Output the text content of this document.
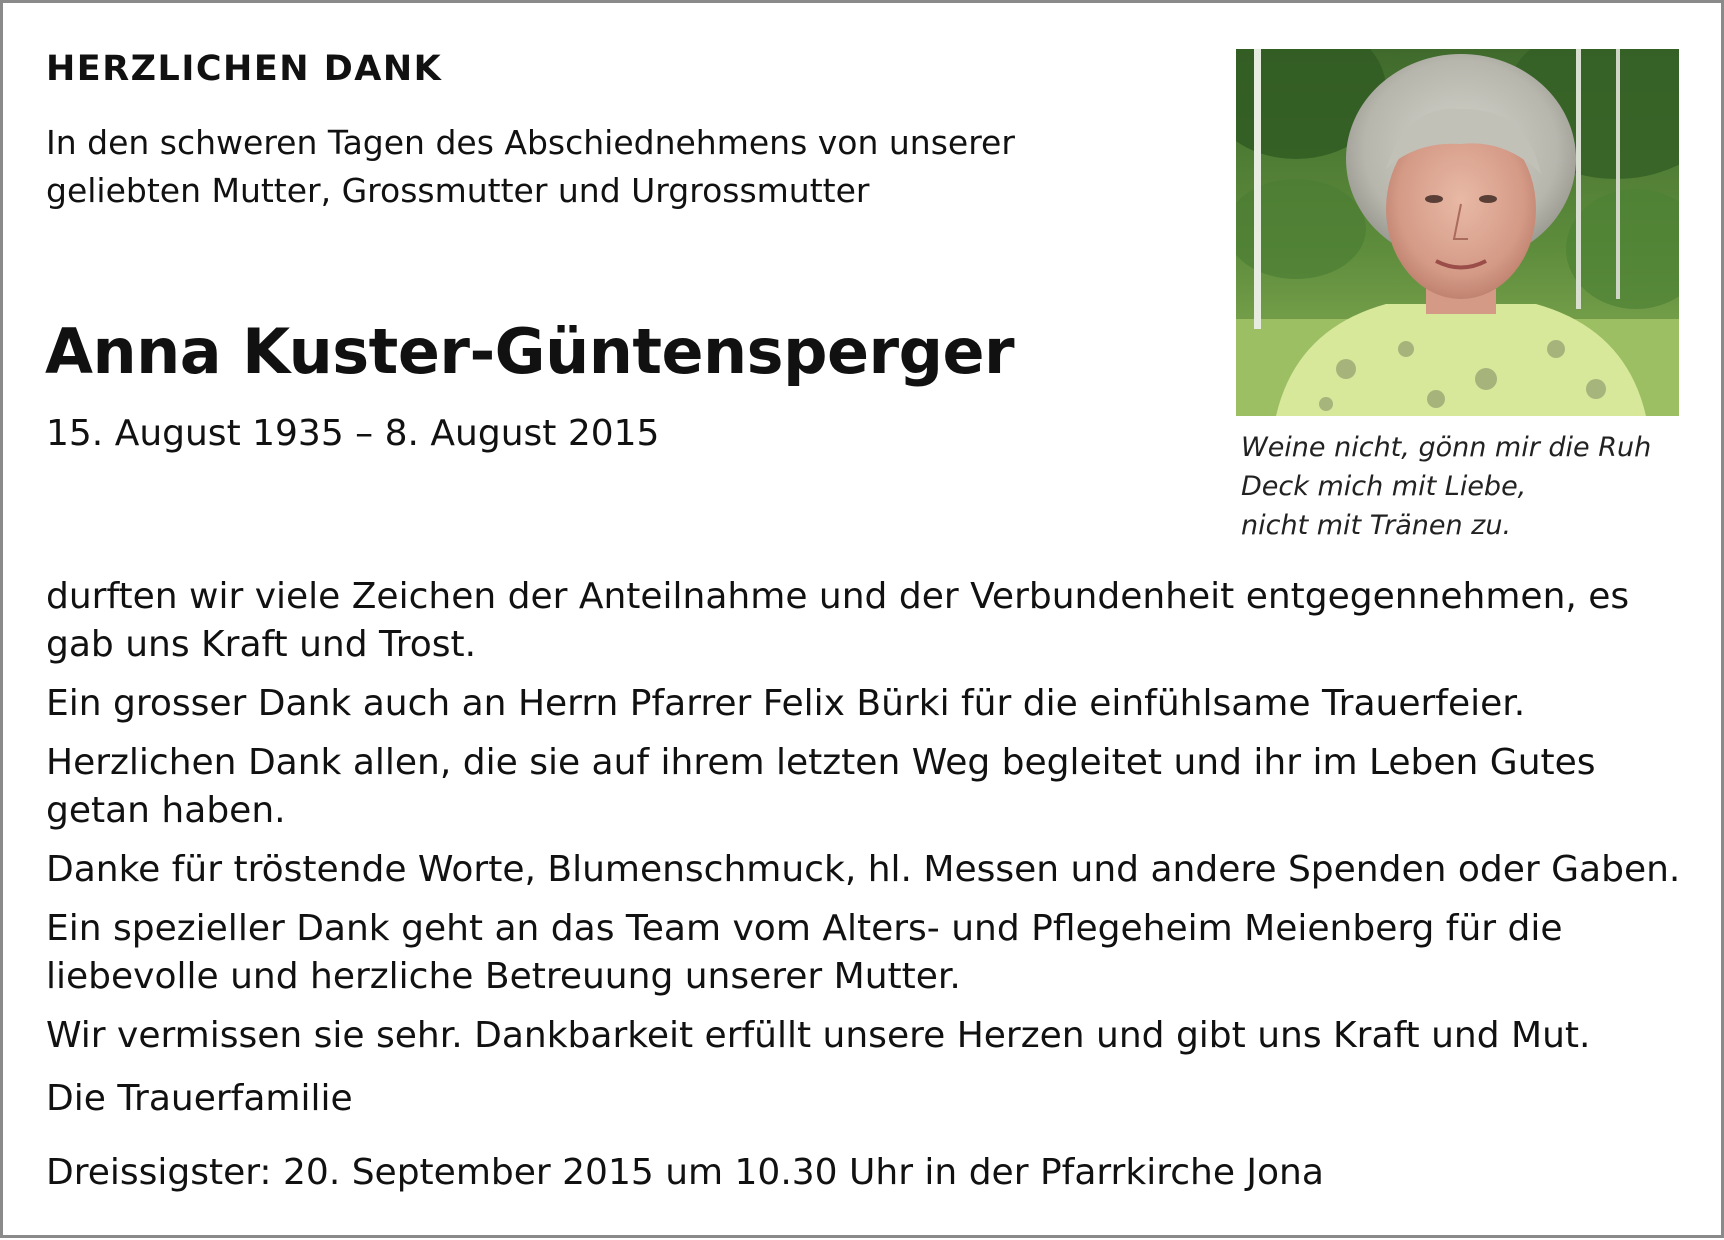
HERZLICHEN DANK

In den schweren Tagen des Abschiednehmens von unserer

geliebten Mutter, Grossmutter und Urgrossmutter

Anna Kuster-Güntensperger
15. August 1935 – 8. August 2015	Weine nicht, gönn mir die Ruh

Deck mich mit Liebe,

nicht mit Tränen zu.

durften wir viele Zeichen der Anteilnahme und der Verbundenheit entgegennehmen, es gab uns Kraft und Trost.

Ein grosser Dank auch an Herrn Pfarrer Felix Bürki für die einfühlsame Trauerfeier.

Herzlichen Dank allen, die sie auf ihrem letzten Weg begleitet und ihr im Leben Gutes getan haben.

Danke für tröstende Worte, Blumenschmuck, hl. Messen und andere Spenden oder Gaben.

Ein spezieller Dank geht an das Team vom Alters- und Pflegeheim Meienberg für die liebevolle und herzliche Betreuung unserer Mutter.

Wir vermissen sie sehr. Dankbarkeit erfüllt unsere Herzen und gibt uns Kraft und Mut.

Die Trauerfamilie

Dreissigster: 20. September 2015 um 10.30 Uhr in der Pfarrkirche Jona
